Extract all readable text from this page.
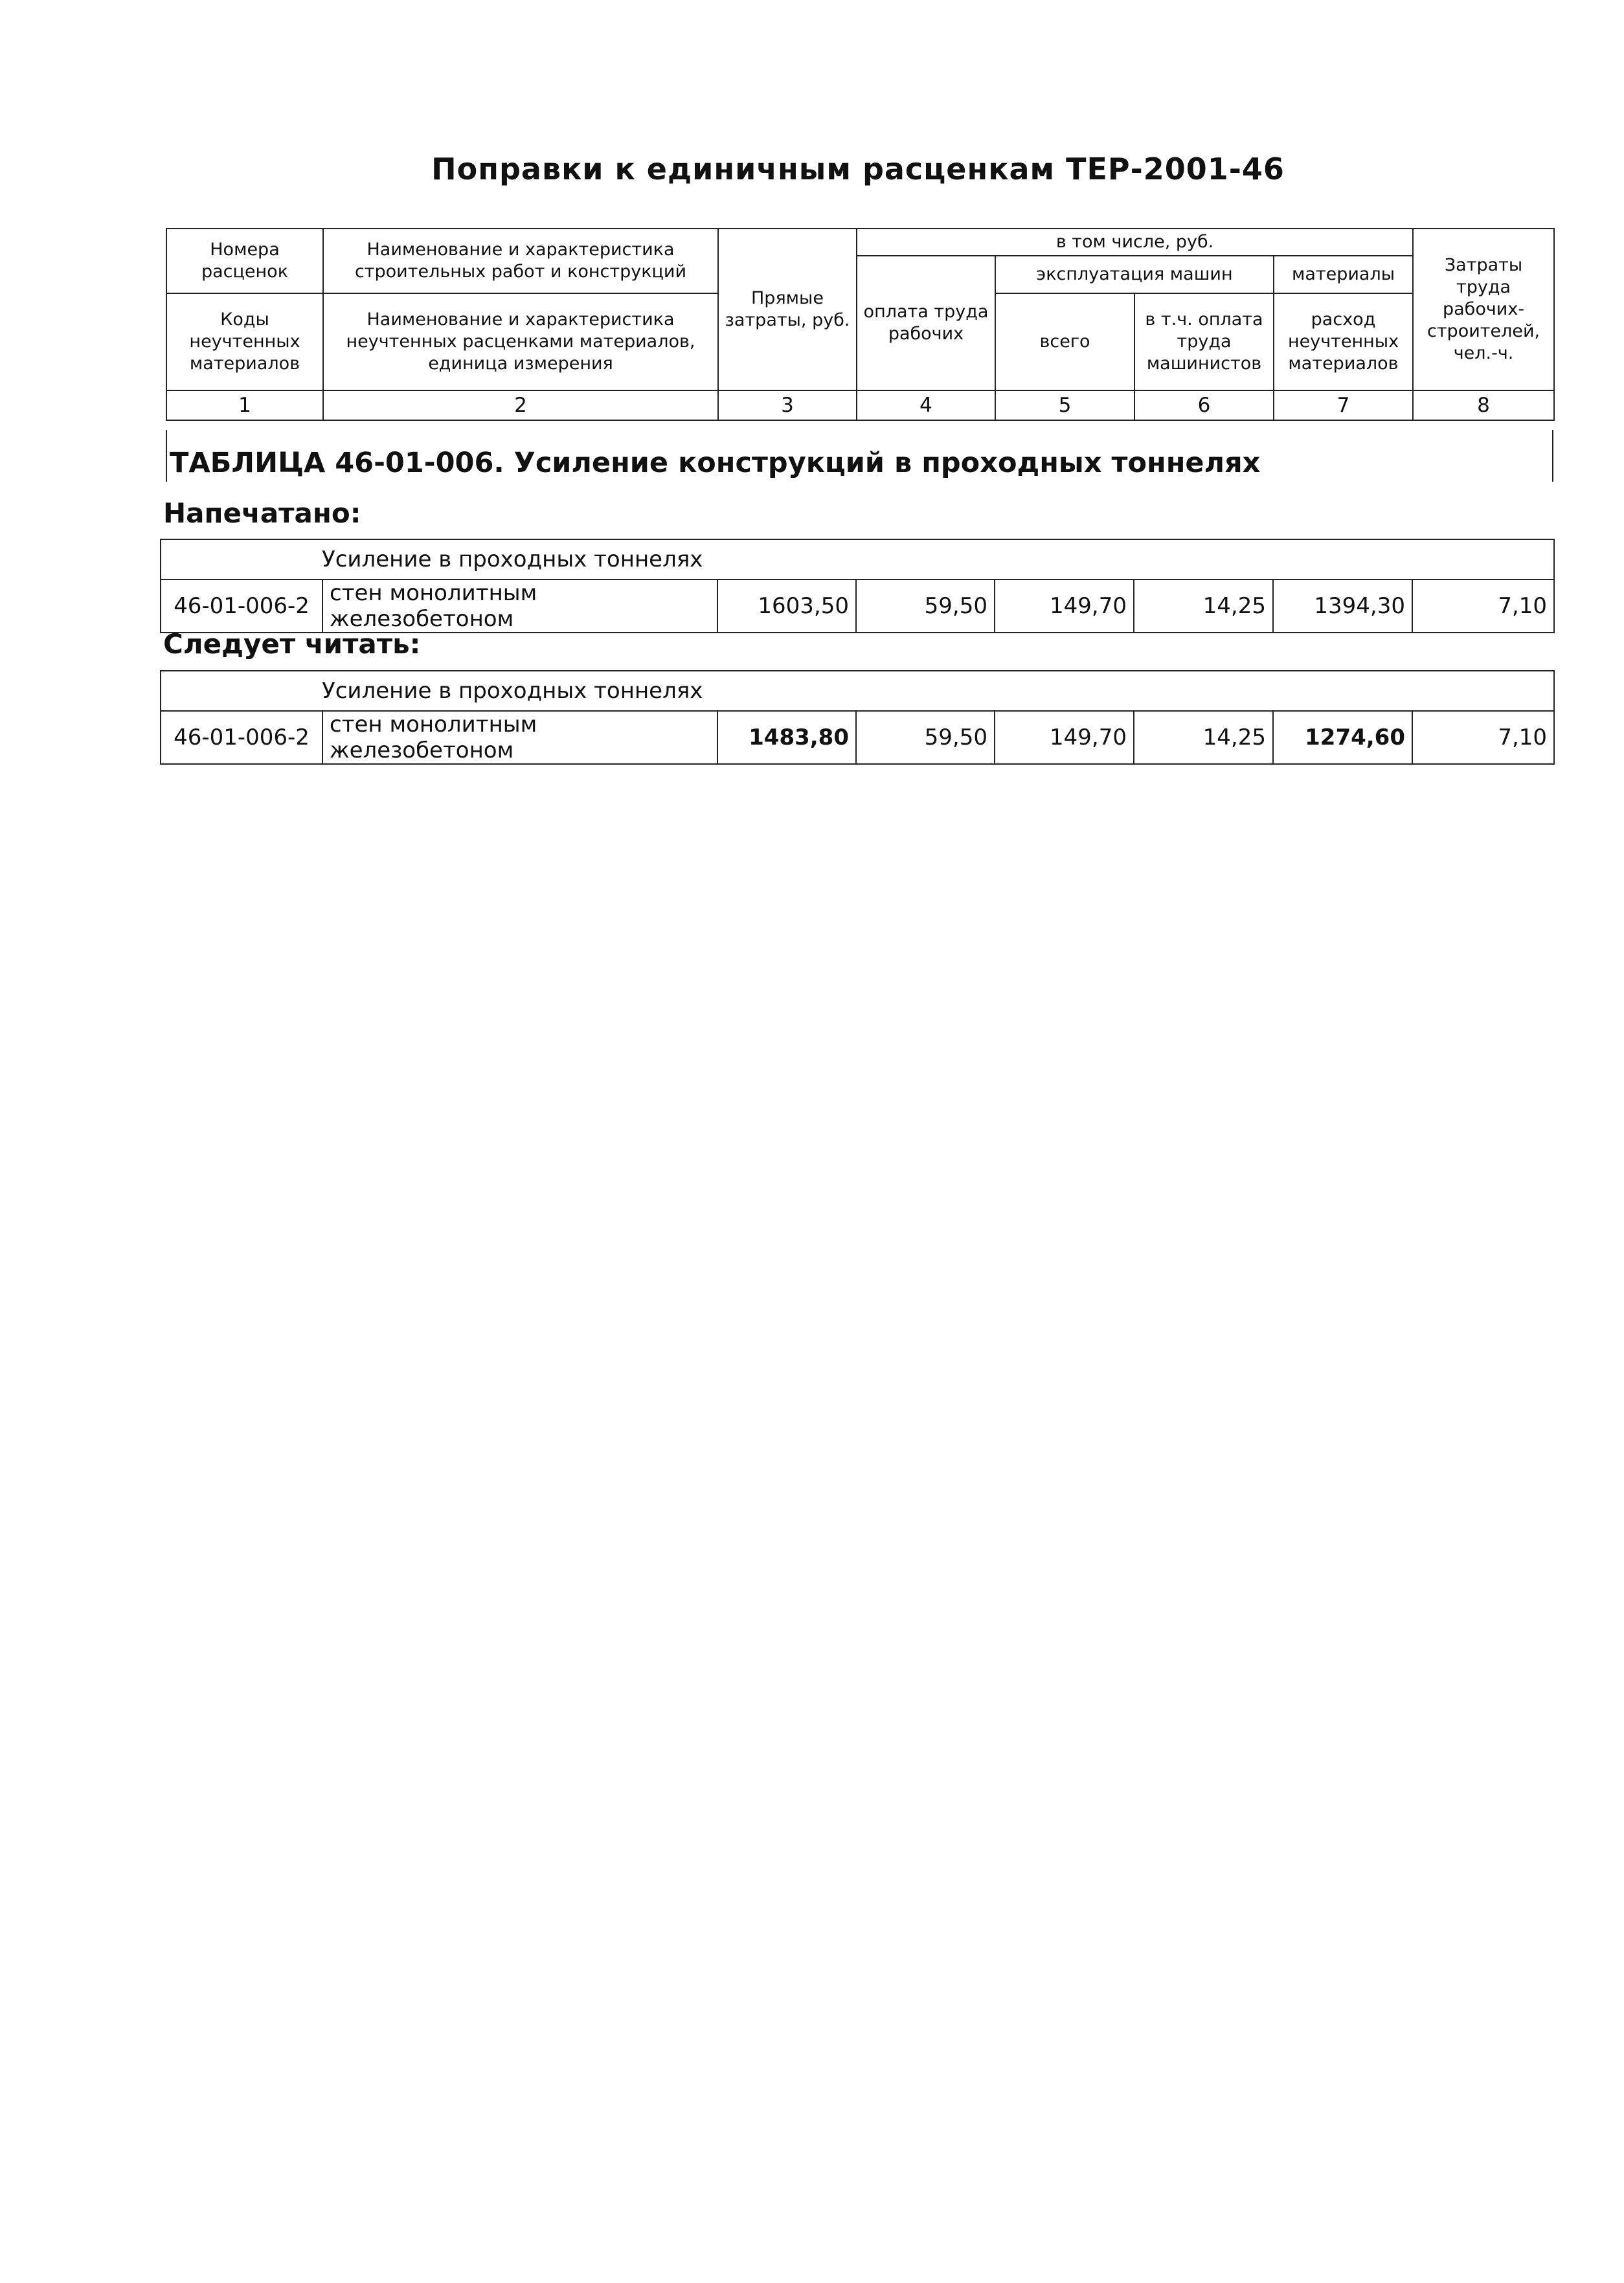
Поправки к единичным расценкам ТЕР-2001-46
Номера расценок	Наименование и характеристика строительных работ и конструкций	Прямые затраты, руб.	в том числе, руб.				Затраты труда рабочих-строителей, чел.-ч.
			оплата труда рабочих	эксплуатация машин		материалы	
Коды неучтенных материалов	Наименование и характеристика неучтенных расценками материалов, единица измерения			всего	в т.ч. оплата труда машинистов	расход неучтенных материалов	

1	2	3	4	5	6	7	8
ТАБЛИЦА 46-01-006. Усиление конструкций в проходных тоннелях
Напечатано:
Усиление в проходных тоннелях
46-01-006-2	стен монолитным железобетоном	1603,50	59,50	149,70	14,25	1394,30	7,10
Следует читать:
Усиление в проходных тоннелях
46-01-006-2	стен монолитным железобетоном	1483,80	59,50	149,70	14,25	1274,60	7,10
